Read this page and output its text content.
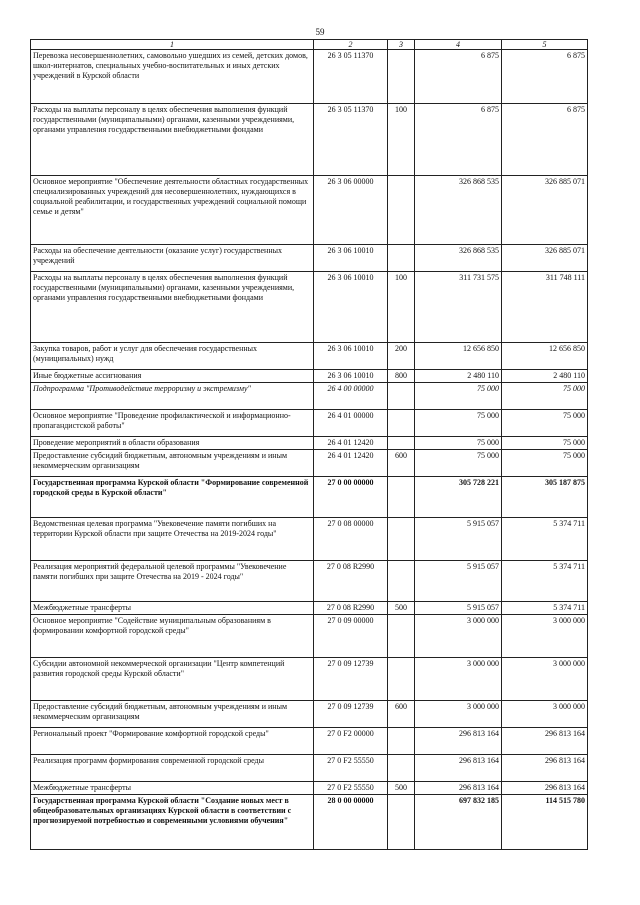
59
1	2	3	4	5
Перевозка несовершеннолетних, самовольно ушедших из семей, детских домов, школ-интернатов, специальных учебно-воспитательных и иных детских учреждений в Курской области	26 3 05 11370		6 875	6 875
Расходы на выплаты персоналу в целях обеспечения выполнения функций государственными (муниципальными) органами, казенными учреждениями, органами управления государственными внебюджетными фондами	26 3 05 11370	100	6 875	6 875
Основное мероприятие "Обеспечение деятельности областных государственных специализированных учреждений для несовершеннолетних, нуждающихся в социальной реабилитации, и государственных учреждений социальной помощи семье и детям"	26 3 06 00000		326 868 535	326 885 071
Расходы на обеспечение деятельности (оказание услуг) государственных учреждений	26 3 06 10010		326 868 535	326 885 071
Расходы на выплаты персоналу в целях обеспечения выполнения функций государственными (муниципальными) органами, казенными учреждениями, органами управления государственными внебюджетными фондами	26 3 06 10010	100	311 731 575	311 748 111
Закупка товаров, работ и услуг для обеспечения государственных (муниципальных) нужд	26 3 06 10010	200	12 656 850	12 656 850
Иные бюджетные ассигнования	26 3 06 10010	800	2 480 110	2 480 110
Подпрограмма "Противодействие терроризму и экстремизму"	26 4 00 00000		75 000	75 000
Основное мероприятие "Проведение профилактической и информационно-пропагандистской работы"	26 4 01 00000		75 000	75 000
Проведение мероприятий в области образования	26 4 01 12420		75 000	75 000
Предоставление субсидий бюджетным, автономным учреждениям и иным некоммерческим организациям	26 4 01 12420	600	75 000	75 000
Государственная программа Курской области "Формирование современной городской среды в Курской области"	27 0 00 00000		305 728 221	305 187 875
Ведомственная целевая программа "Увековечение памяти погибших на территории Курской области при защите Отечества на 2019-2024 годы"	27 0 08 00000		5 915 057	5 374 711
Реализация мероприятий федеральной целевой программы "Увековечение памяти погибших при защите Отечества на 2019 - 2024 годы"	27 0 08 R2990		5 915 057	5 374 711
Межбюджетные трансферты	27 0 08 R2990	500	5 915 057	5 374 711
Основное мероприятие "Содействие муниципальным образованиям в формировании комфортной городской среды"	27 0 09 00000		3 000 000	3 000 000
Субсидии автономной некоммерческой организации "Центр компетенций развития городской среды Курской области"	27 0 09 12739		3 000 000	3 000 000
Предоставление субсидий бюджетным, автономным учреждениям и иным некоммерческим организациям	27 0 09 12739	600	3 000 000	3 000 000
Региональный проект "Формирование комфортной городской среды"	27 0 F2 00000		296 813 164	296 813 164
Реализация программ формирования современной городской среды	27 0 F2 55550		296 813 164	296 813 164
Межбюджетные трансферты	27 0 F2 55550	500	296 813 164	296 813 164
Государственная программа Курской области "Создание новых мест в общеобразовательных организациях Курской области в соответствии с прогнозируемой потребностью и современными условиями обучения"	28 0 00 00000		697 832 185	114 515 780
